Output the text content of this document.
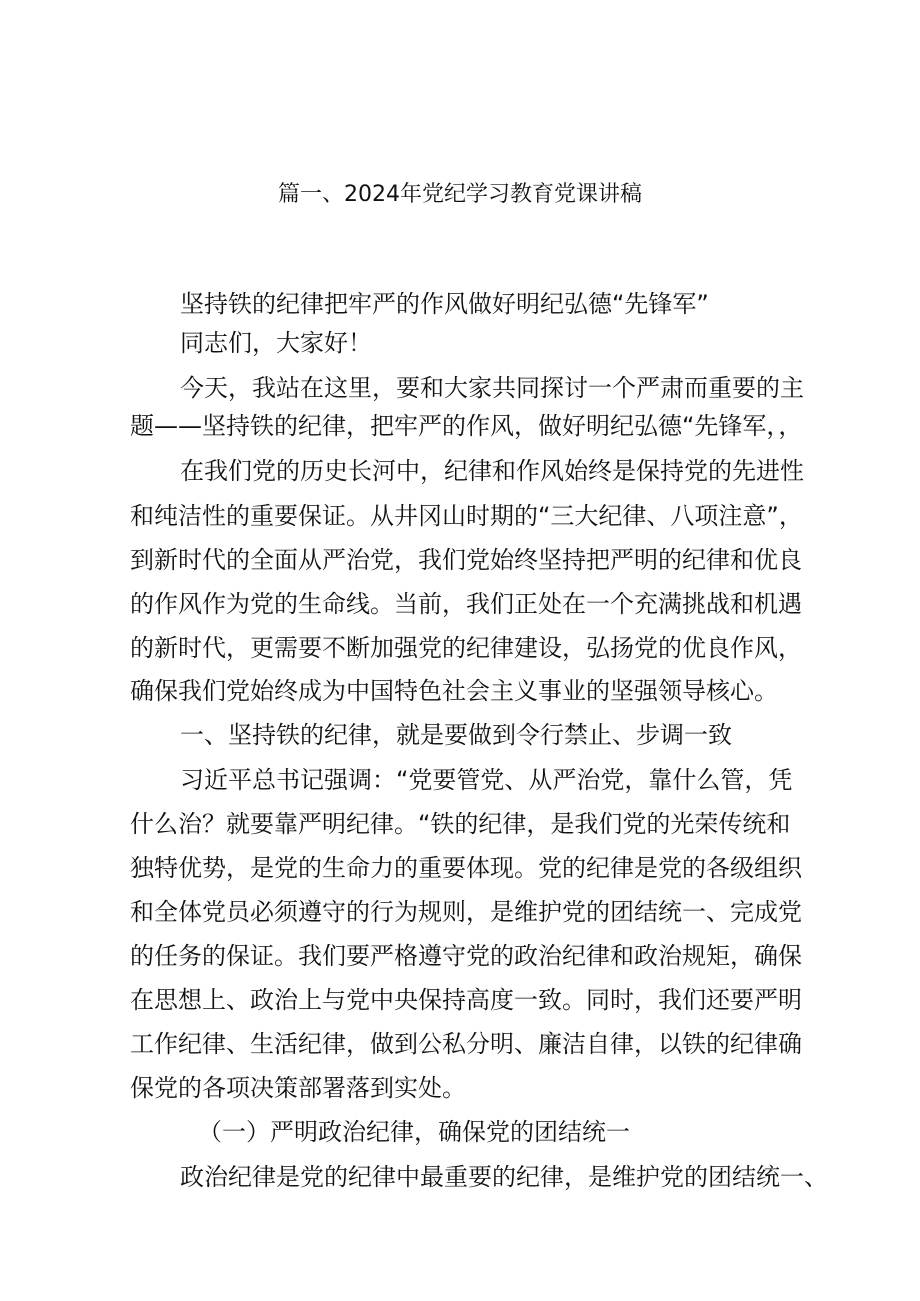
篇一、2024年党纪学习教育党课讲稿
坚持铁的纪律把牢严的作风做好明纪弘德“先锋军”
同志们，大家好！
今天，我站在这里，要和大家共同探讨一个严肃而重要的主
题——坚持铁的纪律，把牢严的作风，做好明纪弘德“先锋军，，
在我们党的历史长河中，纪律和作风始终是保持党的先进性
和纯洁性的重要保证。从井冈山时期的“三大纪律、八项注意”，
到新时代的全面从严治党，我们党始终坚持把严明的纪律和优良
的作风作为党的生命线。当前，我们正处在一个充满挑战和机遇
的新时代，更需要不断加强党的纪律建设，弘扬党的优良作风，
确保我们党始终成为中国特色社会主义事业的坚强领导核心。
一、坚持铁的纪律，就是要做到令行禁止、步调一致
习近平总书记强调：“党要管党、从严治党，靠什么管，凭
什么治？就要靠严明纪律。“铁的纪律，是我们党的光荣传统和
独特优势，是党的生命力的重要体现。党的纪律是党的各级组织
和全体党员必须遵守的行为规则，是维护党的团结统一、完成党
的任务的保证。我们要严格遵守党的政治纪律和政治规矩，确保
在思想上、政治上与党中央保持高度一致。同时，我们还要严明
工作纪律、生活纪律，做到公私分明、廉洁自律，以铁的纪律确
保党的各项决策部署落到实处。
（一）严明政治纪律，确保党的团结统一
政治纪律是党的纪律中最重要的纪律，是维护党的团结统一、
